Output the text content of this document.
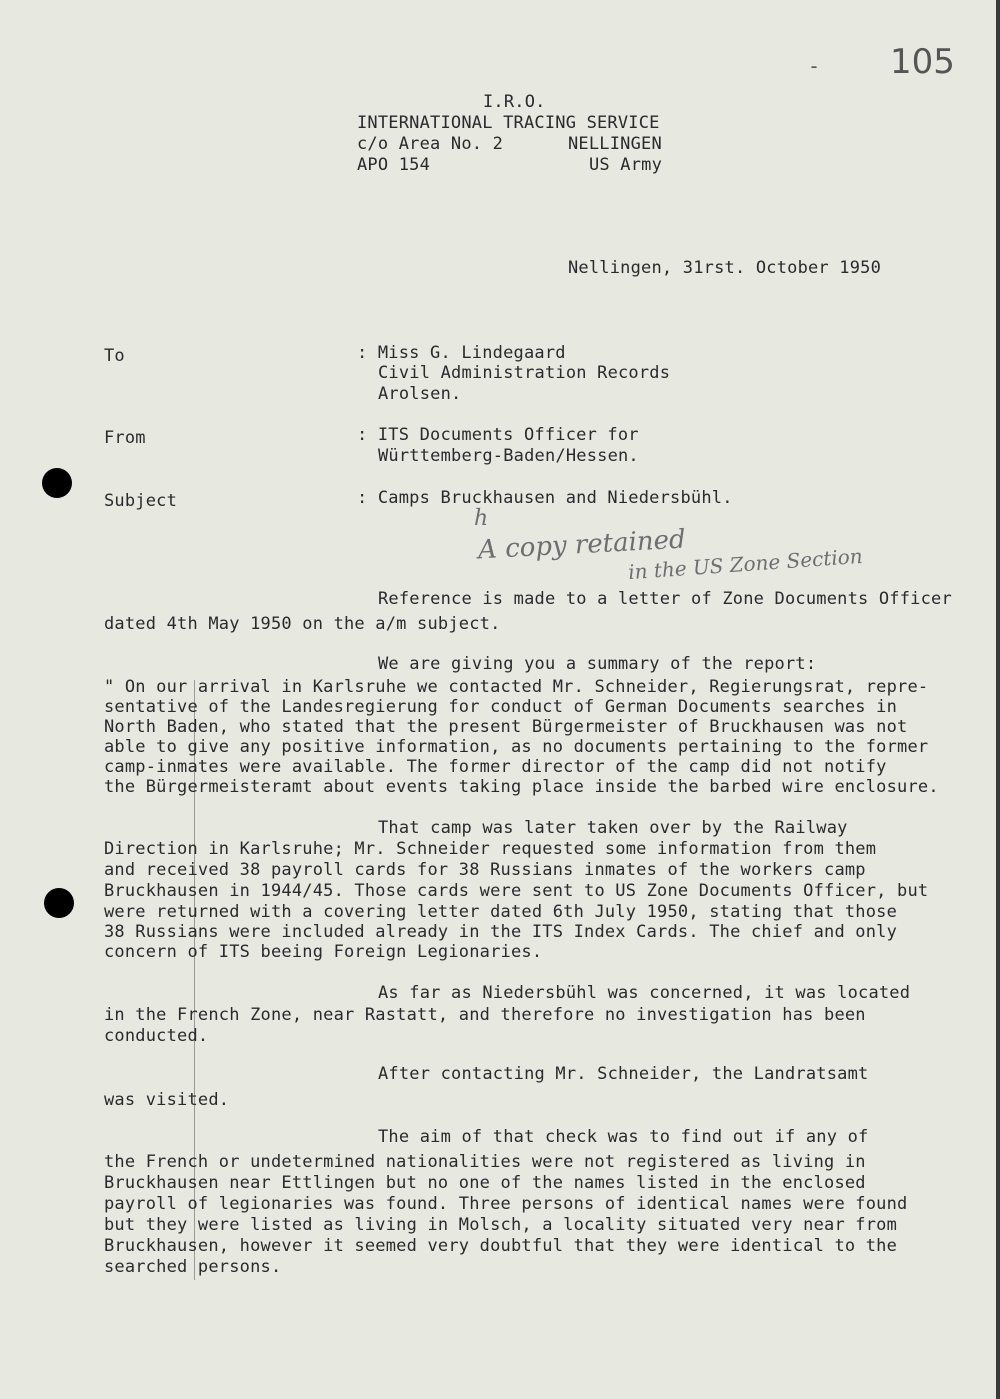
- 105
I.R.O.
INTERNATIONAL TRACING SERVICE
c/o Area No. 2	NELLINGEN
APO 154	US Army
Nellingen, 31rst. October 1950
To	: Miss G. Lindegaard
Civil Administration Records
Arolsen.
From	: ITS Documents Officer for
Württemberg-Baden/Hessen.
Subject	: Camps Bruckhausen and Niedersbühl.
h
A copy retained
in the US Zone Section
Reference is made to a letter of Zone Documents Officer
dated 4th May 1950 on the a/m subject.
We are giving you a summary of the report:
" On our arrival in Karlsruhe we contacted Mr. Schneider, Regierungsrat, repre-
sentative of the Landesregierung for conduct of German Documents searches in
North Baden, who stated that the present Bürgermeister of Bruckhausen was not
able to give any positive information, as no documents pertaining to the former
camp-inmates were available. The former director of the camp did not notify
the Bürgermeisteramt about events taking place inside the barbed wire enclosure.
That camp was later taken over by the Railway
Direction in Karlsruhe; Mr. Schneider requested some information from them
and received 38 payroll cards for 38 Russians inmates of the workers camp
Bruckhausen in 1944/45. Those cards were sent to US Zone Documents Officer, but
were returned with a covering letter dated 6th July 1950, stating that those
38 Russians were included already in the ITS Index Cards. The chief and only
concern of ITS beeing Foreign Legionaries.
As far as Niedersbühl was concerned, it was located
in the French Zone, near Rastatt, and therefore no investigation has been
conducted.
After contacting Mr. Schneider, the Landratsamt
was visited.
The aim of that check was to find out if any of
the French or undetermined nationalities were not registered as living in
Bruckhausen near Ettlingen but no one of the names listed in the enclosed
payroll of legionaries was found. Three persons of identical names were found
but they were listed as living in Molsch, a locality situated very near from
Bruckhausen, however it seemed very doubtful that they were identical to the
searched persons.
